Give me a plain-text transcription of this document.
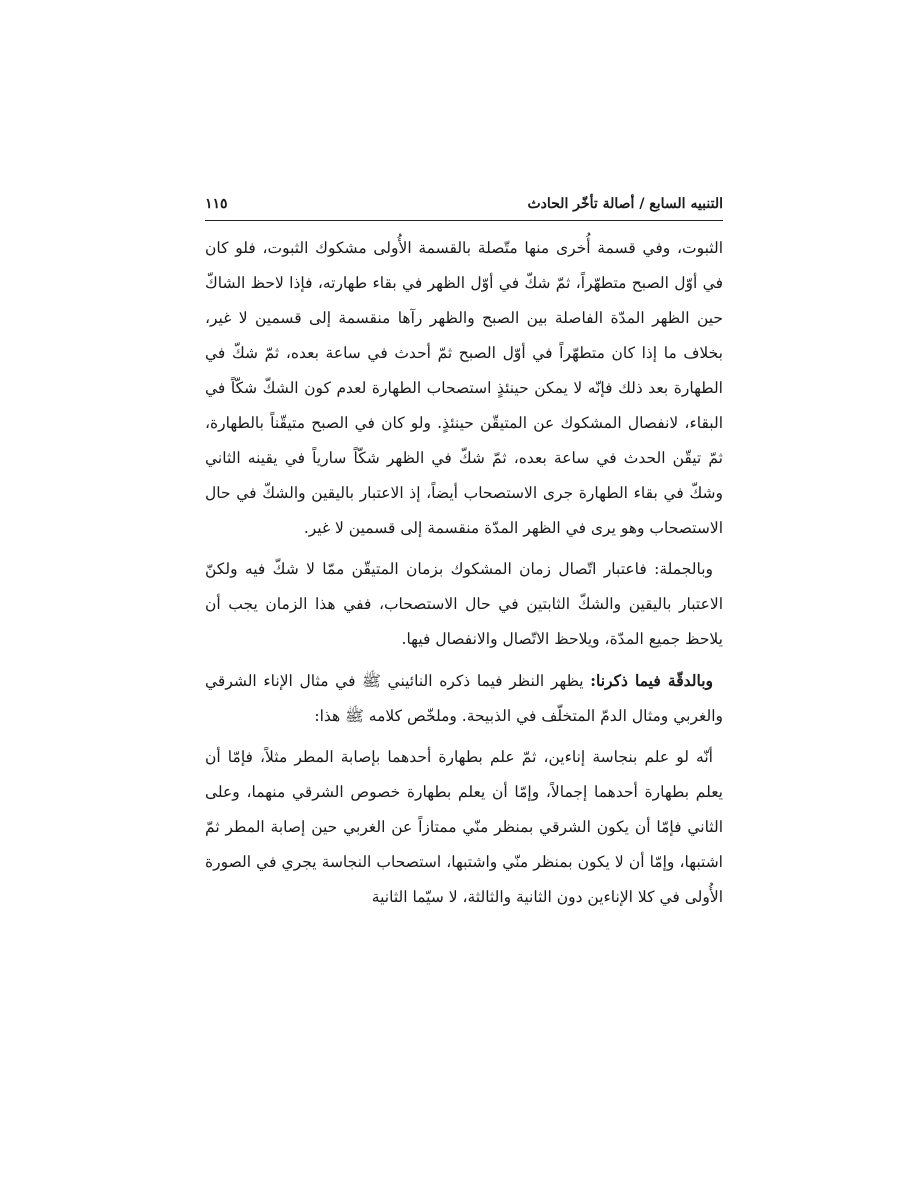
التنبيه السابع / أصالة تأخّر الحادث
١١٥

الثبوت، وفي قسمة أُخرى منها متّصلة بالقسمة الأُولى مشكوك الثبوت، فلو كان في أوّل الصبح متطهّراً، ثمّ شكّ في أوّل الظهر في بقاء طهارته، فإذا لاحظ الشاكّ حين الظهر المدّة الفاصلة بين الصبح والظهر رآها منقسمة إلى قسمين لا غير، بخلاف ما إذا كان متطهّراً في أوّل الصبح ثمّ أحدث في ساعة بعده، ثمّ شكّ في الطهارة بعد ذلك فإنّه لا يمكن حينئذٍ استصحاب الطهارة لعدم كون الشكّ شكّاً في البقاء، لانفصال المشكوك عن المتيقّن حينئذٍ. ولو كان في الصبح متيقّناً بالطهارة، ثمّ تيقّن الحدث في ساعة بعده، ثمّ شكّ في الظهر شكّاً سارياً في يقينه الثاني وشكّ في بقاء الطهارة جرى الاستصحاب أيضاً، إذ الاعتبار باليقين والشكّ في حال الاستصحاب وهو يرى في الظهر المدّة منقسمة إلى قسمين لا غير.

وبالجملة: فاعتبار اتّصال زمان المشكوك بزمان المتيقّن ممّا لا شكّ فيه ولكنّ الاعتبار باليقين والشكّ الثابتين في حال الاستصحاب، ففي هذا الزمان يجب أن يلاحظ جميع المدّة، ويلاحظ الاتّصال والانفصال فيها.

وبالدقّة فيما ذكرنا: يظهر النظر فيما ذكره النائيني ﷺ في مثال الإناء الشرقي والغربي ومثال الدمّ المتخلّف في الذبيحة. وملخّص كلامه ﷺ هذا:

أنّه لو علم بنجاسة إناءين، ثمّ علم بطهارة أحدهما بإصابة المطر مثلاً، فإمّا أن يعلم بطهارة أحدهما إجمالاً، وإمّا أن يعلم بطهارة خصوص الشرقي منهما، وعلى الثاني فإمّا أن يكون الشرقي بمنظر منّي ممتازاً عن الغربي حين إصابة المطر ثمّ اشتبها، وإمّا أن لا يكون بمنظر منّي واشتبها، استصحاب النجاسة يجري في الصورة الأُولى في كلا الإناءين دون الثانية والثالثة، لا سيّما الثانية
